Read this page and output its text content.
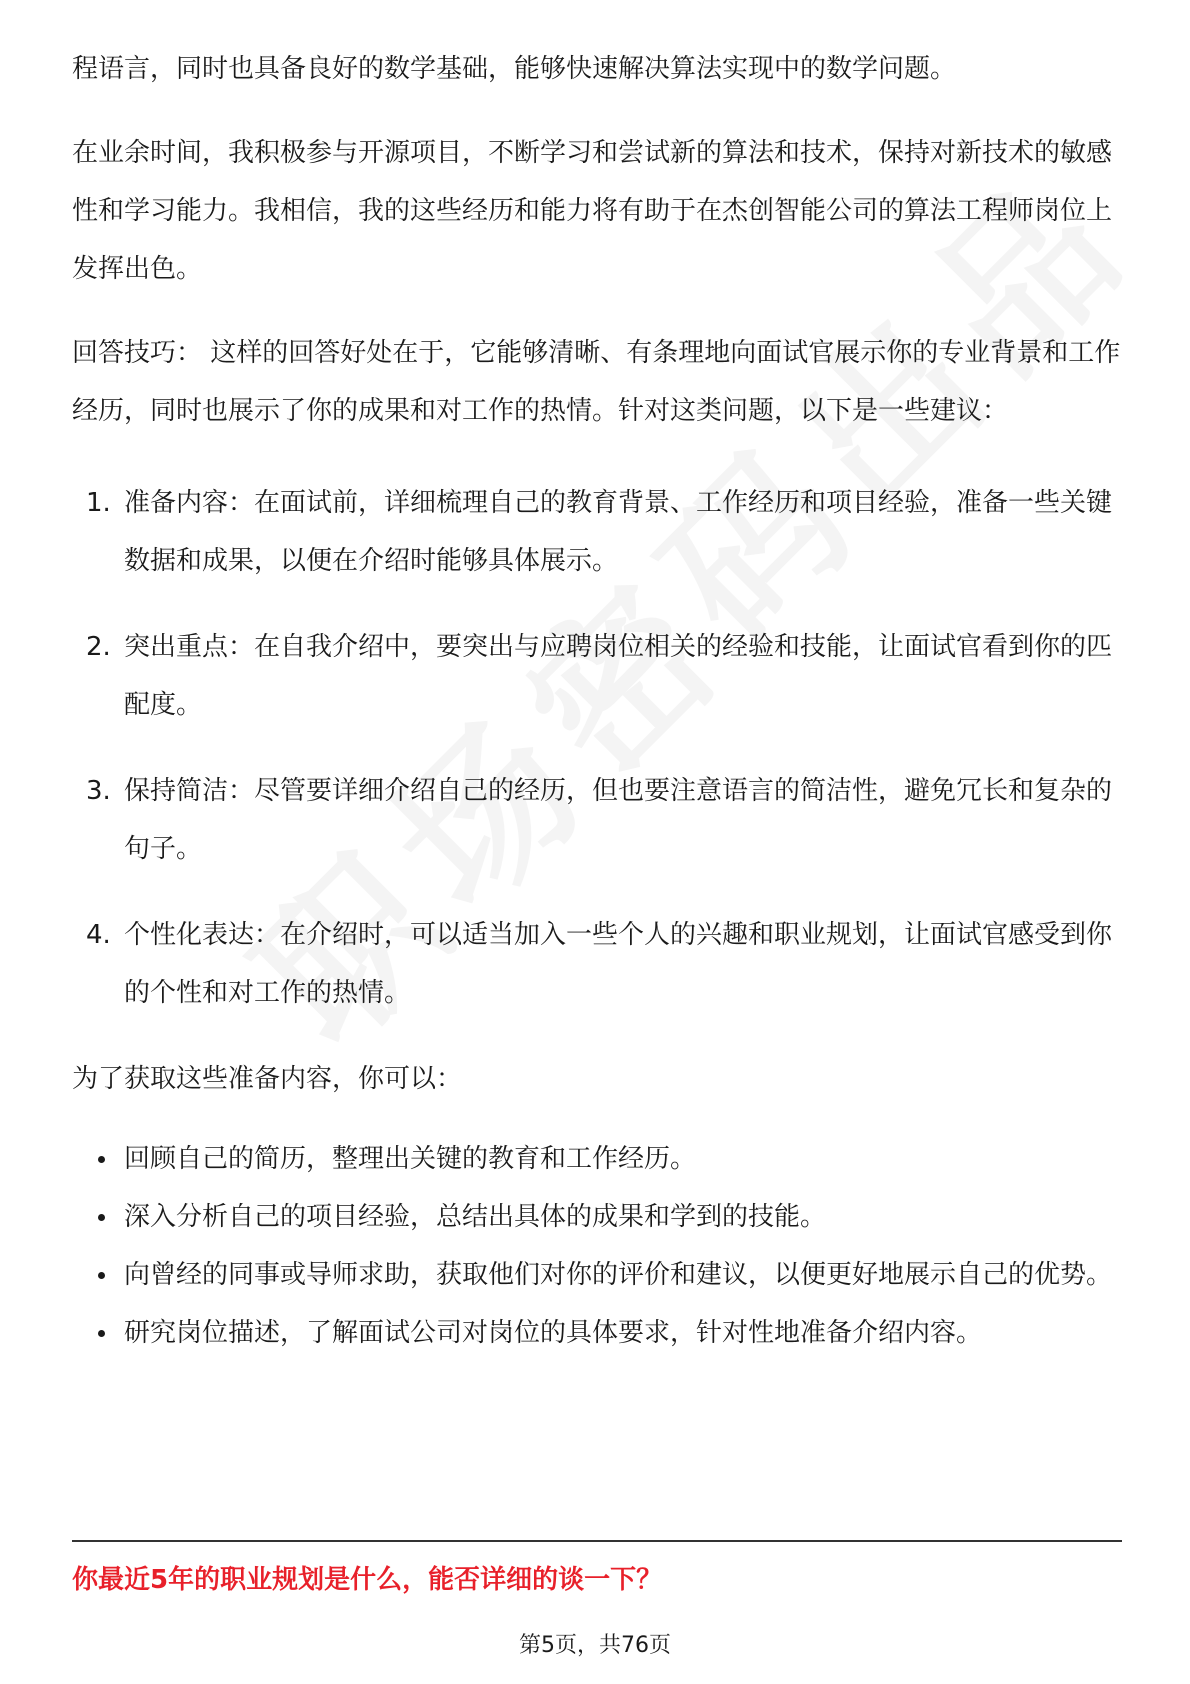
程语言，同时也具备良好的数学基础，能够快速解决算法实现中的数学问题。

在业余时间，我积极参与开源项目，不断学习和尝试新的算法和技术，保持对新技术的敏感性和学习能力。我相信，我的这些经历和能力将有助于在杰创智能公司的算法工程师岗位上发挥出色。

回答技巧： 这样的回答好处在于，它能够清晰、有条理地向面试官展示你的专业背景和工作经历，同时也展示了你的成果和对工作的热情。针对这类问题，以下是一些建议：

1. 准备内容：在面试前，详细梳理自己的教育背景、工作经历和项目经验，准备一些关键数据和成果，以便在介绍时能够具体展示。
2. 突出重点：在自我介绍中，要突出与应聘岗位相关的经验和技能，让面试官看到你的匹配度。
3. 保持简洁：尽管要详细介绍自己的经历，但也要注意语言的简洁性，避免冗长和复杂的句子。
4. 个性化表达：在介绍时，可以适当加入一些个人的兴趣和职业规划，让面试官感受到你的个性和对工作的热情。

为了获取这些准备内容，你可以：

回顾自己的简历，整理出关键的教育和工作经历。
深入分析自己的项目经验，总结出具体的成果和学到的技能。
向曾经的同事或导师求助，获取他们对你的评价和建议，以便更好地展示自己的优势。
研究岗位描述，了解面试公司对岗位的具体要求，针对性地准备介绍内容。
你最近5年的职业规划是什么，能否详细的谈一下？
第5页，共76页
